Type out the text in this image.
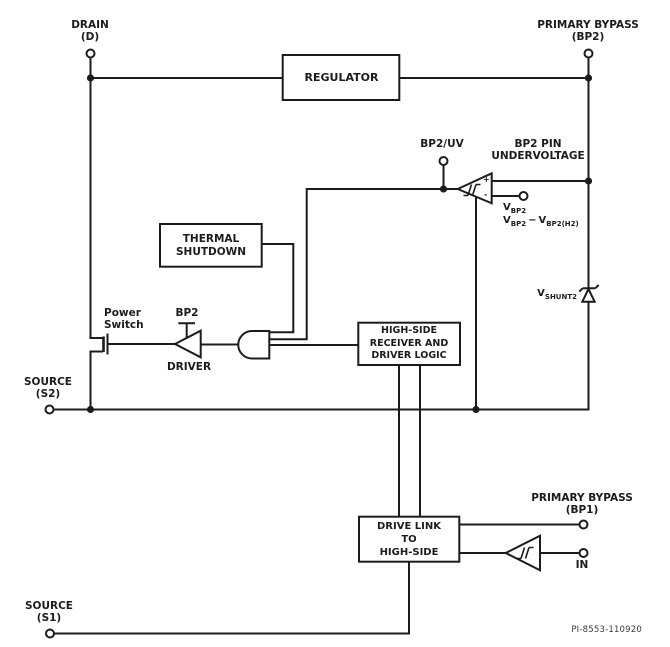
DRAIN
(D)
PRIMARY BYPASS
(BP2)
BP2/UV	BP2 PIN
UNDERVOLTAGE
SOURCE
(S2)
PRIMARY BYPASS
(BP1)
IN
SOURCE
(S1)
REGULATOR
THERMAL
SHUTDOWN
HIGH-SIDE
RECEIVER AND
DRIVER LOGIC
DRIVE LINK
TO
HIGH-SIDE
+
-
$V_{BP2}$
$V_{BP2} - V_{BP2(H2)}$
$V_{SHUNT2}$
Power
Switch
BP2
DRIVER
PI-8553-110920
